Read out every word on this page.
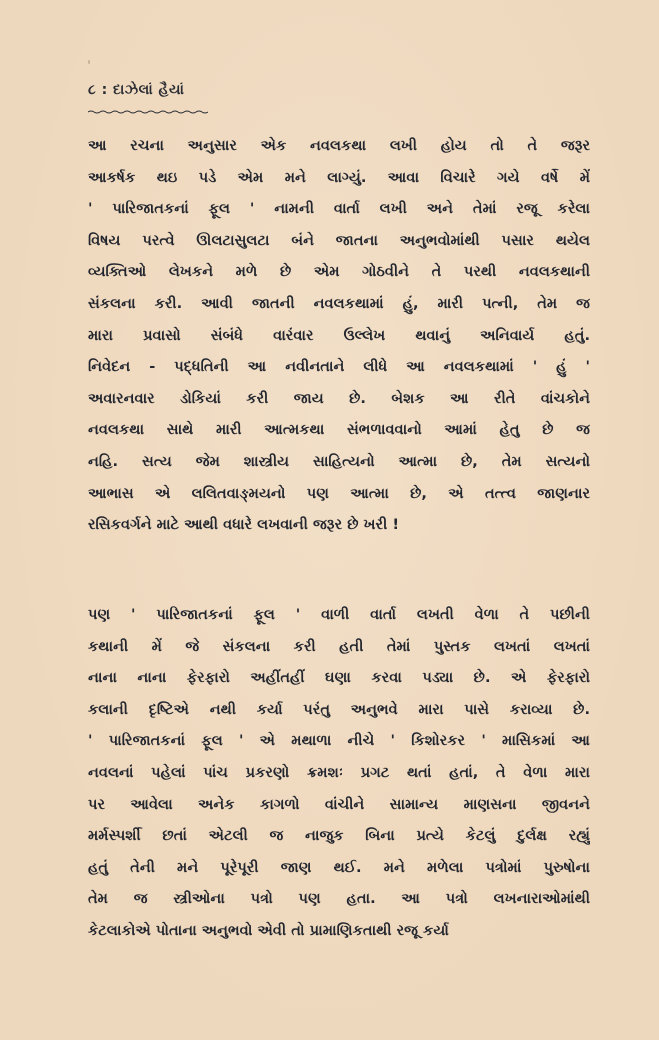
૮ : દાઝેલાં હૈયાં
આ રચના અનુસાર એક નવલકથા લખી હોય તો તે જરૂર
આકર્ષક થઇ પડે એમ મને લાગ્યું. આવા વિચારે ગયે વર્ષે મેં
' પારિજાતકનાં ફૂલ ' નામની વાર્તા લખી અને તેમાં રજૂ કરેલા
વિષય પરત્વે ઊલટાસુલટા બંને જાતના અનુભવોમાંથી પસાર થયેલ
વ્યક્તિઓ લેખકને મળે છે એમ ગોઠવીને તે પરથી નવલકથાની
સંકલના કરી. આવી જાતની નવલકથામાં હું, મારી પત્ની, તેમ જ
મારા પ્રવાસો સંબંધે વારંવાર ઉલ્લેખ થવાનું અનિવાર્ય હતું.
નિવેદન - પદ્ધતિની આ નવીનતાને લીધે આ નવલકથામાં ' હું '
અવારનવાર ડોકિયાં કરી જાય છે. બેશક આ રીતે વાંચકોને
નવલકથા સાથે મારી આત્મકથા સંભળાવવાનો આમાં હેતુ છે જ
નહિ. સત્ય જેમ શાસ્ત્રીય સાહિત્યનો આત્મા છે, તેમ સત્યનો
આભાસ એ લલિતવાઙ્મયનો પણ આત્મા છે, એ તત્ત્વ જાણનાર
રસિકવર્ગને માટે આથી વધારે લખવાની જરૂર છે ખરી !
પણ ' પારિજાતકનાં ફૂલ ' વાળી વાર્તા લખતી વેળા તે પછીની
કથાની મેં જે સંકલના કરી હતી તેમાં પુસ્તક લખતાં લખતાં
નાના નાના ફેરફારો અહીંતહીં ઘણા કરવા પડ્યા છે. એ ફેરફારો
કલાની દૃષ્ટિએ નથી કર્યા પરંતુ અનુભવે મારા પાસે કરાવ્યા છે.
' પારિજાતકનાં ફૂલ ' એ મથાળા નીચે ' કિશોરકર ' માસિકમાં આ
નવલનાં પહેલાં પાંચ પ્રકરણો ક્રમશઃ પ્રગટ થતાં હતાં, તે વેળા મારા
પર આવેલા અનેક કાગળો વાંચીને સામાન્ય માણસના જીવનને
મર્મસ્પર્શી છતાં એટલી જ નાજુક બિના પ્રત્યે કેટલું દુર્લક્ષ રહ્યું
હતું તેની મને પૂરેપૂરી જાણ થઈ. મને મળેલા પત્રોમાં પુરુષોના
તેમ જ સ્ત્રીઓના પત્રો પણ હતા. આ પત્રો લખનારાઓમાંથી
કેટલાકોએ પોતાના અનુભવો એવી તો પ્રામાણિકતાથી રજૂ કર્યા
